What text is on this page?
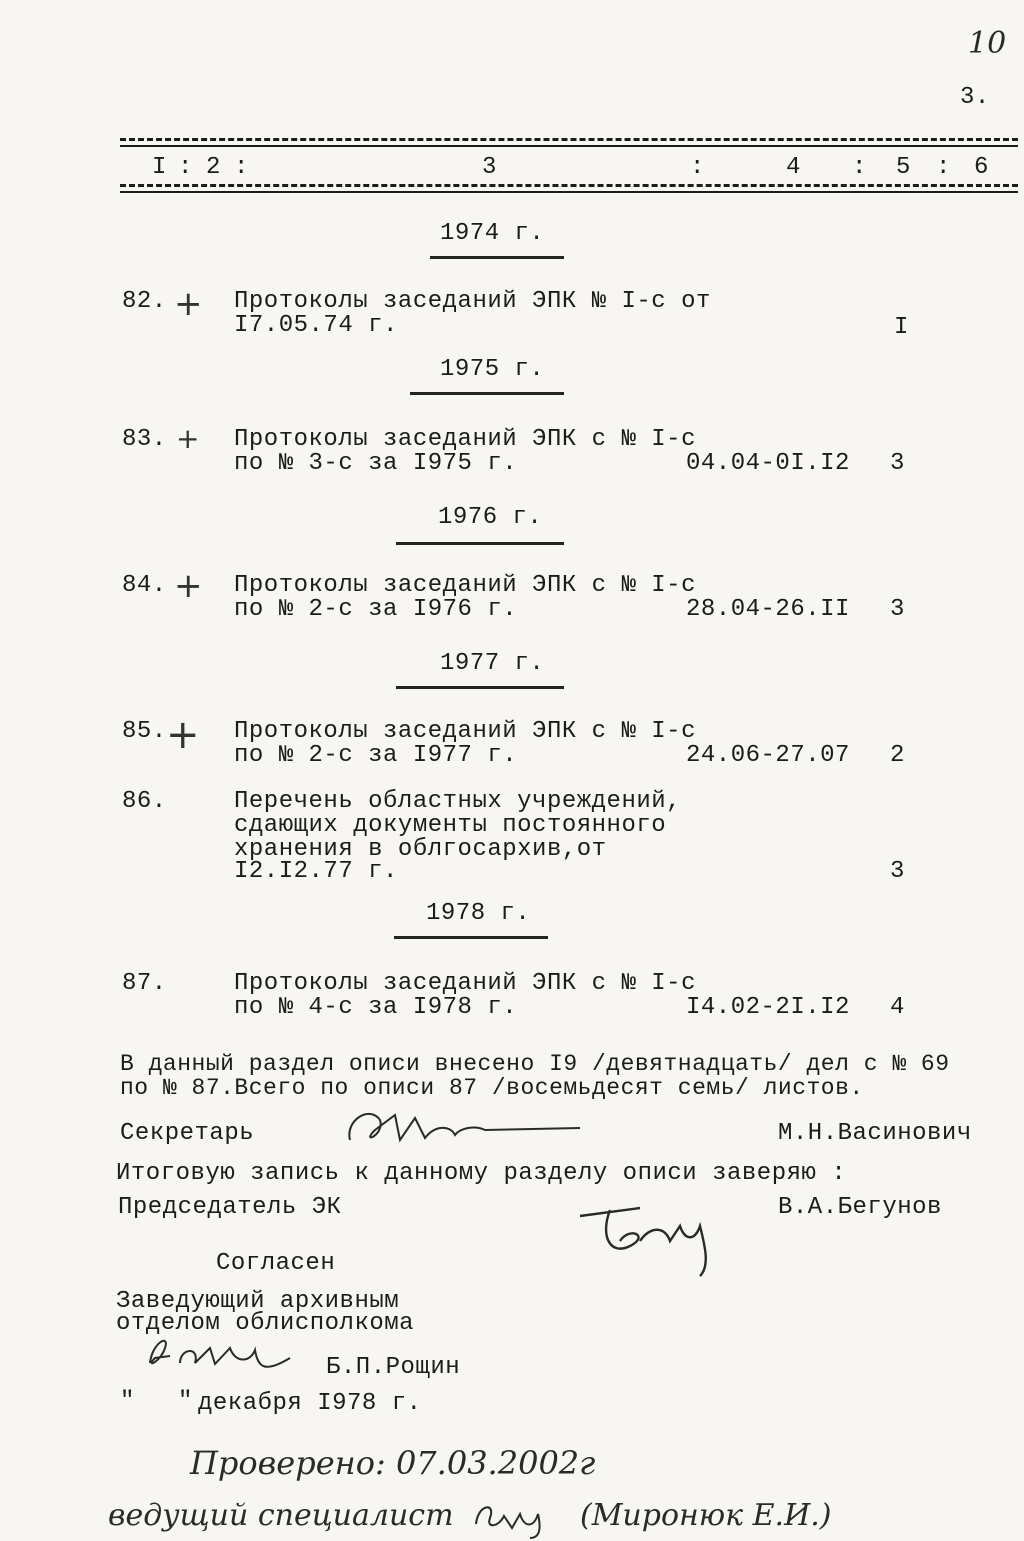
10
3.
I : 2 :	3	:	4 : 5 : 6
1974 г.
82. + Протоколы заседаний ЭПК № I-с от
I7.05.74 г.	I
1975 г.
83. + Протоколы заседаний ЭПК с № I-с
по № 3-с за I975 г.	04.04-0I.I2 3
1976 г.
84. + Протоколы заседаний ЭПК с № I-с
по № 2-с за I976 г.	28.04-26.II 3
1977 г.
85. + Протоколы заседаний ЭПК с № I-с
по № 2-с за I977 г.	24.06-27.07 2
86.	Перечень областных учреждений,
сдающих документы постоянного
хранения в облгосархив,от
I2.I2.77 г.	3
1978 г.
87.	Протоколы заседаний ЭПК с № I-с
по № 4-с за I978 г.	I4.02-2I.I2 4
В данный раздел описи внесено I9 /девятнадцать/ дел с № 69
по № 87.Всего по описи 87 /восемьдесят семь/ листов.
Секретарь	М.Н.Васинович
Итоговую запись к данному разделу описи заверяю :
Председатель ЭК	В.А.Бегунов
Согласен
Заведующий архивным
отделом облисполкома
Б.П.Рощин
" " декабря I978 г.
Проверено: 07.03.2002г
ведущий специалист	(Миронюк Е.И.)
